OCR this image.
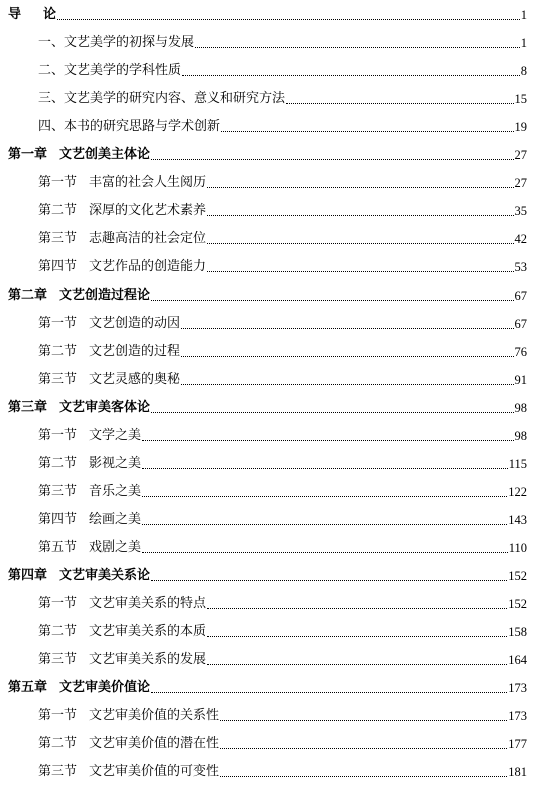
导 论	1
一、文艺美学的初探与发展	1
二、文艺美学的学科性质	8
三、文艺美学的研究内容、意义和研究方法	15
四、本书的研究思路与学术创新	19
第一章 文艺创美主体论	27
第一节 丰富的社会人生阅历	27
第二节 深厚的文化艺术素养	35
第三节 志趣高洁的社会定位	42
第四节 文艺作品的创造能力	53
第二章 文艺创造过程论	67
第一节 文艺创造的动因	67
第二节 文艺创造的过程	76
第三节 文艺灵感的奥秘	91
第三章 文艺审美客体论	98
第一节 文学之美	98
第二节 影视之美	115
第三节 音乐之美	122
第四节 绘画之美	143
第五节 戏剧之美	110
第四章 文艺审美关系论	152
第一节 文艺审美关系的特点	152
第二节 文艺审美关系的本质	158
第三节 文艺审美关系的发展	164
第五章 文艺审美价值论	173
第一节 文艺审美价值的关系性	173
第二节 文艺审美价值的潜在性	177
第三节 文艺审美价值的可变性	181
